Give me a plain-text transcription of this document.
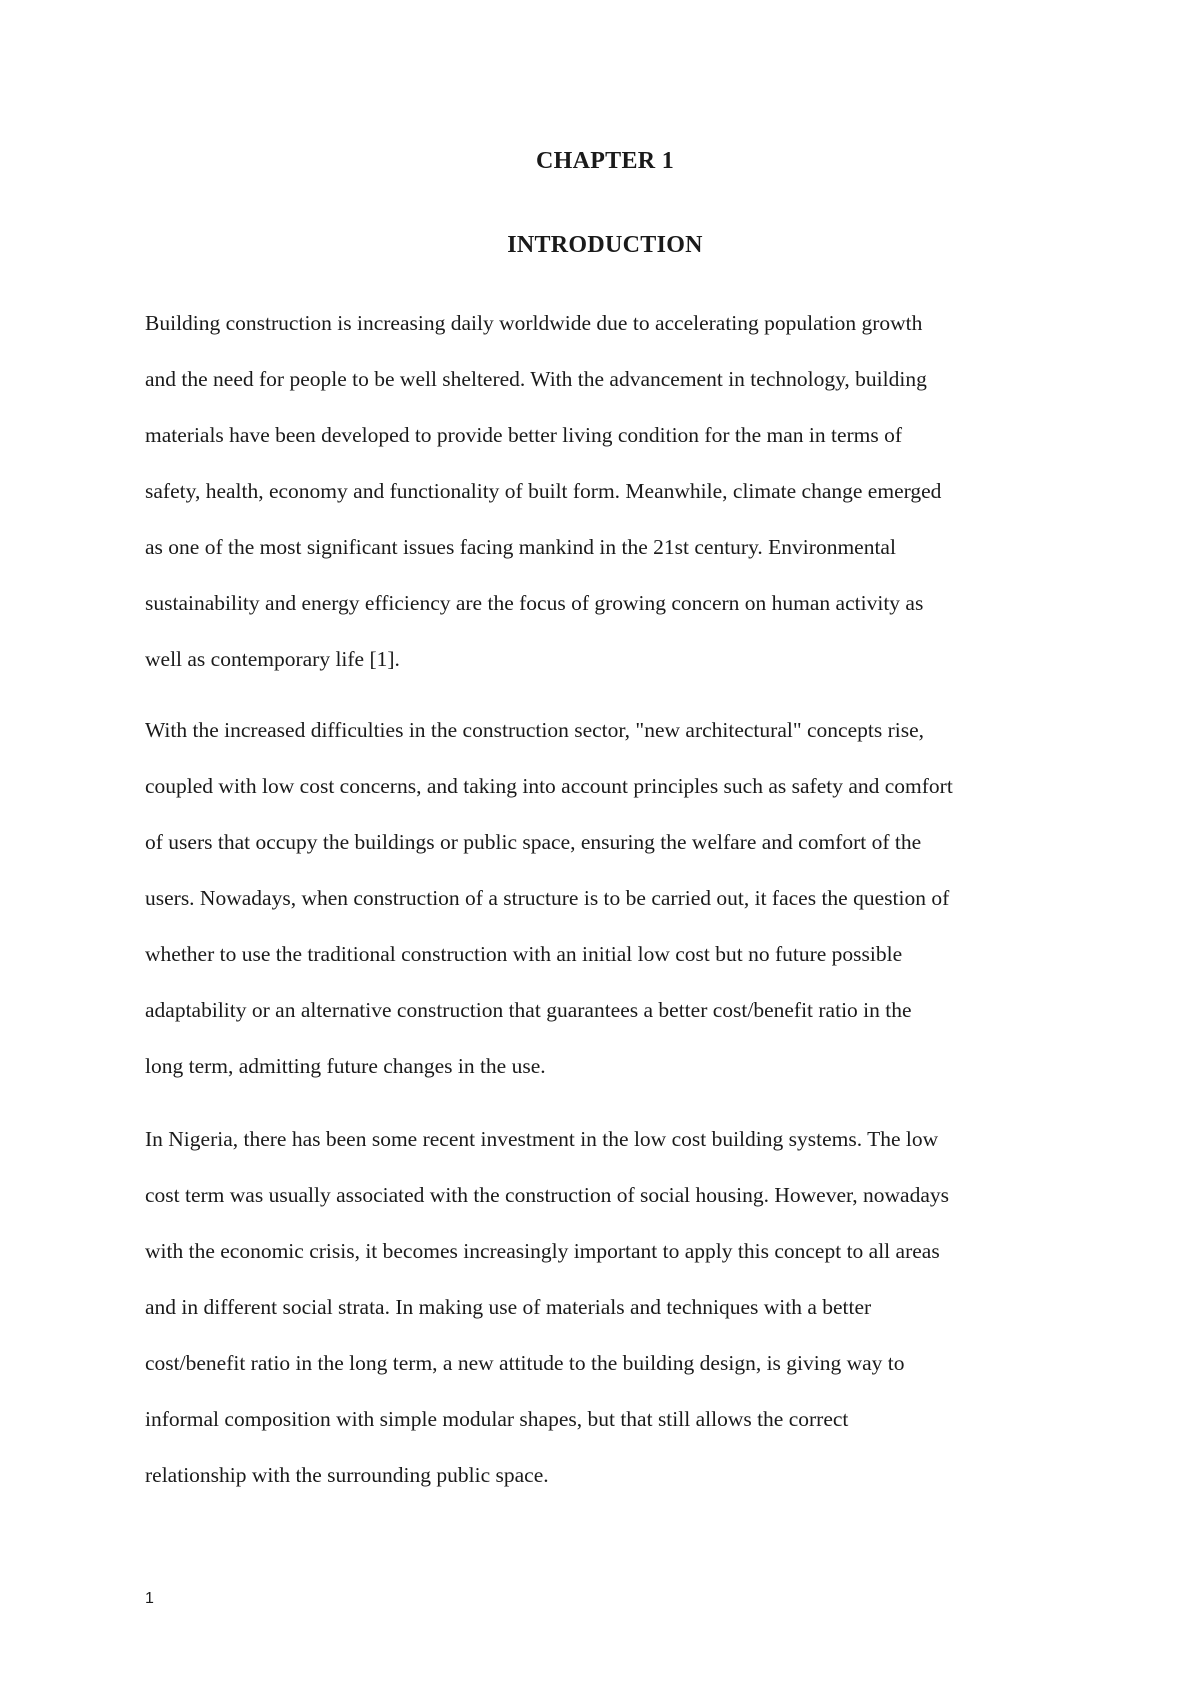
CHAPTER 1
INTRODUCTION

Building construction is increasing daily worldwide due to accelerating population growth

and the need for people to be well sheltered. With the advancement in technology, building

materials have been developed to provide better living condition for the man in terms of

safety, health, economy and functionality of built form. Meanwhile, climate change emerged

as one of the most significant issues facing mankind in the 21st century. Environmental

sustainability and energy efficiency are the focus of growing concern on human activity as

well as contemporary life [1].

With the increased difficulties in the construction sector, "new architectural" concepts rise,

coupled with low cost concerns, and taking into account principles such as safety and comfort

of users that occupy the buildings or public space, ensuring the welfare and comfort of the

users. Nowadays, when construction of a structure is to be carried out, it faces the question of

whether to use the traditional construction with an initial low cost but no future possible

adaptability or an alternative construction that guarantees a better cost/benefit ratio in the

long term, admitting future changes in the use.

In Nigeria, there has been some recent investment in the low cost building systems. The low

cost term was usually associated with the construction of social housing. However, nowadays

with the economic crisis, it becomes increasingly important to apply this concept to all areas

and in different social strata. In making use of materials and techniques with a better

cost/benefit ratio in the long term, a new attitude to the building design, is giving way to

informal composition with simple modular shapes, but that still allows the correct

relationship with the surrounding public space.

1
